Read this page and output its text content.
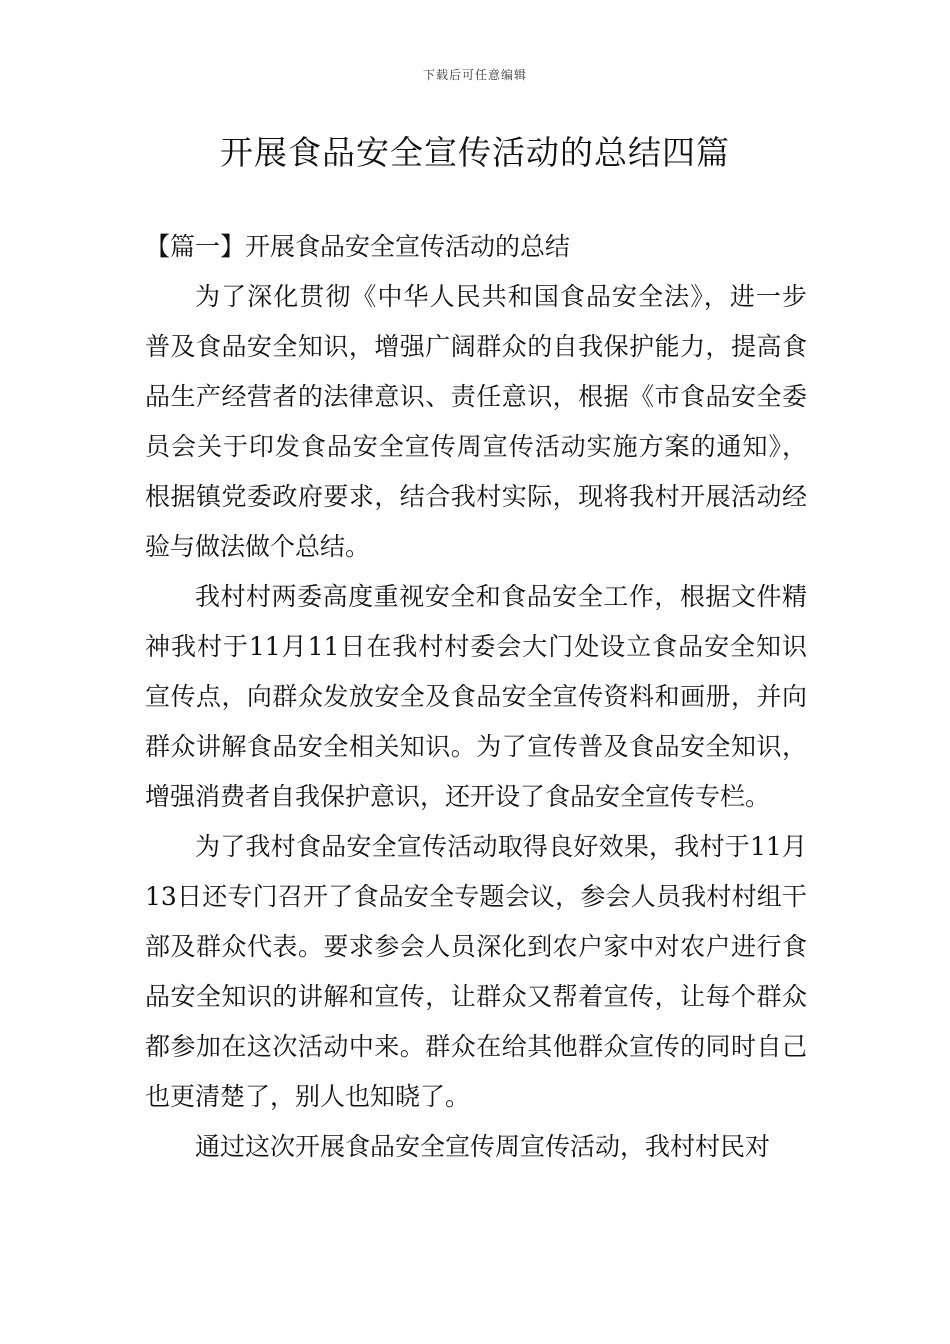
下载后可任意编辑
开展食品安全宣传活动的总结四篇
【篇一】开展食品安全宣传活动的总结

为了深化贯彻《中华人民共和国食品安全法》，进一步普及食品安全知识，增强广阔群众的自我保护能力，提高食品生产经营者的法律意识、责任意识，根据《市食品安全委员会关于印发食品安全宣传周宣传活动实施方案的通知》，根据镇党委政府要求，结合我村实际，现将我村开展活动经验与做法做个总结。

我村村两委高度重视安全和食品安全工作，根据文件精神我村于11月11日在我村村委会大门处设立食品安全知识宣传点，向群众发放安全及食品安全宣传资料和画册，并向群众讲解食品安全相关知识。为了宣传普及食品安全知识，增强消费者自我保护意识，还开设了食品安全宣传专栏。

为了我村食品安全宣传活动取得良好效果，我村于11月13日还专门召开了食品安全专题会议，参会人员我村村组干部及群众代表。要求参会人员深化到农户家中对农户进行食品安全知识的讲解和宣传，让群众又帮着宣传，让每个群众都参加在这次活动中来。群众在给其他群众宣传的同时自己也更清楚了，别人也知晓了。

通过这次开展食品安全宣传周宣传活动，我村村民对
